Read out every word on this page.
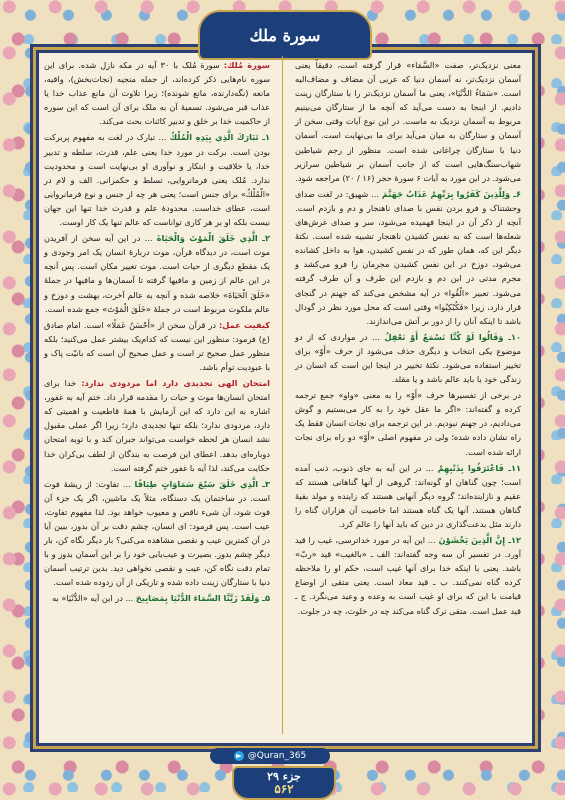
سورة ملك

سورة مُلك: سورة مُلک با ۳۰ آیه در مکه نازل شده. برای این سوره نام‌هایی ذکر کرده‌اند، از جمله منجیه (نجات‌بخش)، واقیه، مانعه (نگه‌دارنده، مانع شونده)؛ زیرا تلاوت آن مانع عذاب خدا یا عذاب قبر می‌شود. تسمیهٔ آن به ملک برای آن است که این سوره از حاکمیت خدا بر خلق و تدبیر کائنات بحث می‌کند.

۱ـ تَبَارَكَ الَّذِي بِيَدِهِ الْمُلْكُ ... تبارک در لغت به مفهوم پربرکت بودن است. برکت در مورد خدا یعنی علم، قدرت، سلطه و تدبیر خدا، یا خلاقیت و ابتکار و نوآوری او بی‌نهایت است و محدودیت ندارد. مُلک یعنی فرمانروایی، تسلط و حکمرانی. الف و لام در «الْمُلْكُ» برای جنس است؛ یعنی هر چه از جنس و نوع فرمانروایی است، عطای خداست. محدودهٔ علم و قدرت خدا تنها این جهان نیست بلکه او بر هر کاری تواناست که عالم تنها یک کار اوست.

۲ـ الَّذِي خَلَقَ الْمَوْتَ وَالْحَيَاةَ ... در این آیه سخن از آفریدن موت است، در دیدگاه قرآن، موت دربارهٔ انسان یک امر وجودی و یک مقطع دیگری از حیات است. موت تغییر مکان است. پس آنچه در این عالم از زمین و مافیها گرفته تا آسمان‌ها و مافیها در جملهٔ «خَلَقَ الْحَيَاةَ» خلاصه شده و آنچه به عالم آخرت، بهشت و دوزخ و عالم ملکوت مربوط است در جملهٔ «خَلَقَ الْمَوْتَ» جمع شده است.

کیفیت عمل: در قرآن سخن از «أَحْسَنُ عَمَلًا» است. امام صادق (ع) فرمود: منظور این نیست که کدام‌یک بیشتر عمل می‌کنید؛ بلکه منظور عمل صحیح تر است و عمل صحیح آن است که بانیّت پاک و با عبودیت توأم باشد.

امتحان الهی تجدیدی دارد اما مردودی ندارد: خدا برای امتحان انسان‌ها موت و حیات را مقدمه قرار داد. ختم آیه به غفور، اشاره به این دارد که این آزمایش با همهٔ قاطعیت و اهمیتی که دارد، مردودی ندارد؛ بلکه تنها تجدیدی دارد؛ زیرا اگر عملی مقبول نشد انسان هر لحظه خواست می‌تواند جبران کند و با توبه امتحان دوباره‌ای بدهد. اعطای این فرصت به بندگان از لطف بی‌کران خدا حکایت می‌کند، لذا آیه با غفور ختم گرفته است.

۳ـ الَّذِي خَلَقَ سَبْعَ سَمَاوَاتٍ طِبَاقًا ... تفاوت: از ریشهٔ فوت است. در ساختمان یک دستگاه، مثلاً یک ماشین، اگر یک جزء آن فوت شود، آن شیء ناقص و معیوب خواهد بود. لذا مفهوم تفاوت، عیب است. پس فرمود: ای انسان، چشم دقت بر آن بدوز، ببین آیا در آن کمترین عیب و نقصی مشاهده می‌کنی؟ بار دیگر نگاه کن، بار دیگر چشم بدوز. بصیرت و عیب‌یابی خود را بر این آسمان بدوز و با تمام دقت نگاه کن، عیب و نقصی نخواهی دید. بدین ترتیب آسمان دنیا با ستارگان زینت داده شده و تاریکی از آن زدوده شده است.

۵ـ وَلَقَدْ زَيَّنَّا السَّمَاءَ الدُّنْيَا بِمَصَابِيحَ ... در این آیه «الدُّنْيَا» به

معنی نزدیک‌تر، صفت «السَّمَاء» قرار گرفته است، دقیقاً یعنی آسمان نزدیک‌تر، نه آسمان دنیا که عربی آن مضاف و مضاف‌الیه است. «سَمَاءُ الدُّنْيَا»، یعنی ما آسمان نزدیک‌تر را با ستارگان زینت دادیم. از اینجا به دست می‌آید که آنچه ما از ستارگان می‌بینیم مربوط به آسمان نزدیک به ماست. در این نوع آیات وقتی سخن از آسمان و ستارگان به میان می‌آید برای ما بی‌نهایت است. آسمان دنیا با ستارگان چراغانی شده است. منظور از رجم شیاطین شهاب‌سنگ‌هایی است که از جانب آسمان بر شیاطین سرازیر می‌شود. در این مورد به آیات ۶ سورهٔ حجر (۱۶ / ۲۰) مراجعه شود.

۶ـ وَلِلَّذِينَ كَفَرُوا بِرَبِّهِمْ عَذَابُ جَهَنَّمَ ... شهیق: در لغت صدای وحشتناک و فرو بردن نفس با صدای ناهنجار و دم و بازدم است. آنچه از ذکر آن در اینجا فهمیده می‌شود، سر و صدای غرش‌های شعله‌ها است که به نفس کشیدن ناهنجار تشبیه شده است. نکتهٔ دیگر این که، همان طور که در نفس کشیدن، هوا به داخل کشانده می‌شود، دوزخ در این نفس کشیدن مجرمان را فرو می‌کشد و مجرم مدتی در این دم و بازدم این طرف و آن طرف گرفته می‌شود. تعبیر «الْقُوا» در آیه مشخص می‌کند که جهنم در گنجای قرار دارد، زیرا «فَكُبْكِبُوا» وقتی است که محل مورد نظر در گودال باشد تا اینکه آنان را از دور بر آتش می‌اندازند.

۱۰ـ وَقَالُوا لَوْ كُنَّا نَسْمَعُ أَوْ نَعْقِلُ ... در مواردی که از دو موضوع یکی انتخاب و دیگری حذف می‌شود از حرف «أَوْ» برای تخییر استفاده می‌شود. نکتهٔ تخییر در اینجا این است که انسان در زندگی خود یا باید عالم باشد و یا مقلد.

در برخی از تفسیرها حرف «أَوْ» را به معنی «واو» جمع ترجمه کرده و گفته‌اند: «اگر ما عقل خود را به کار می‌بستیم و گوش می‌دادیم، در جهنم نبودیم. در این ترجمه برای نجات انسان فقط یک راه نشان داده شده؛ ولی در مفهوم اصلی «أَوْ» دو راه برای نجات ارائه شده است.

۱۱ـ فَاعْتَرَفُوا بِذَنْبِهِمْ ... در این آیه به جای ذنوب، ذنب آمده است؛ چون گناهان او گونه‌اند: گروهی از آنها گناهانی هستند که عقیم و نازاینده‌اند؛ گروه دیگر آنهایی هستند که زاینده و مولد بقیهٔ گناهان هستند. آنها یک گناه هستند اما خاصیت آن هزاران گناه را دارند مثل بدعت‌گذاری در دین که باید آنها را عالم کرد.

۱۲ـ إِنَّ الَّذِينَ يَخْشَوْنَ ... این آیه در مورد خداترسی، غیب را قید آورد. در تفسیر آن سه وجه گفته‌اند: الف ـ «بالغیب» قید «ربّ» باشد. یعنی با اینکه خدا برای آنها غیب است، حکم او را ملاحظه کرده گناه نمی‌کنند. ب ـ قید معاد است. یعنی متقی از اوضاع قیامت با این که برای او غیب است به وعده و وعید می‌نگرد. ج ـ قید عمل است. متقی ترک گناه می‌کند چه در خلوت، چه در جلوت.

@Quran_365
جزء ۲۹
۵۶۲
